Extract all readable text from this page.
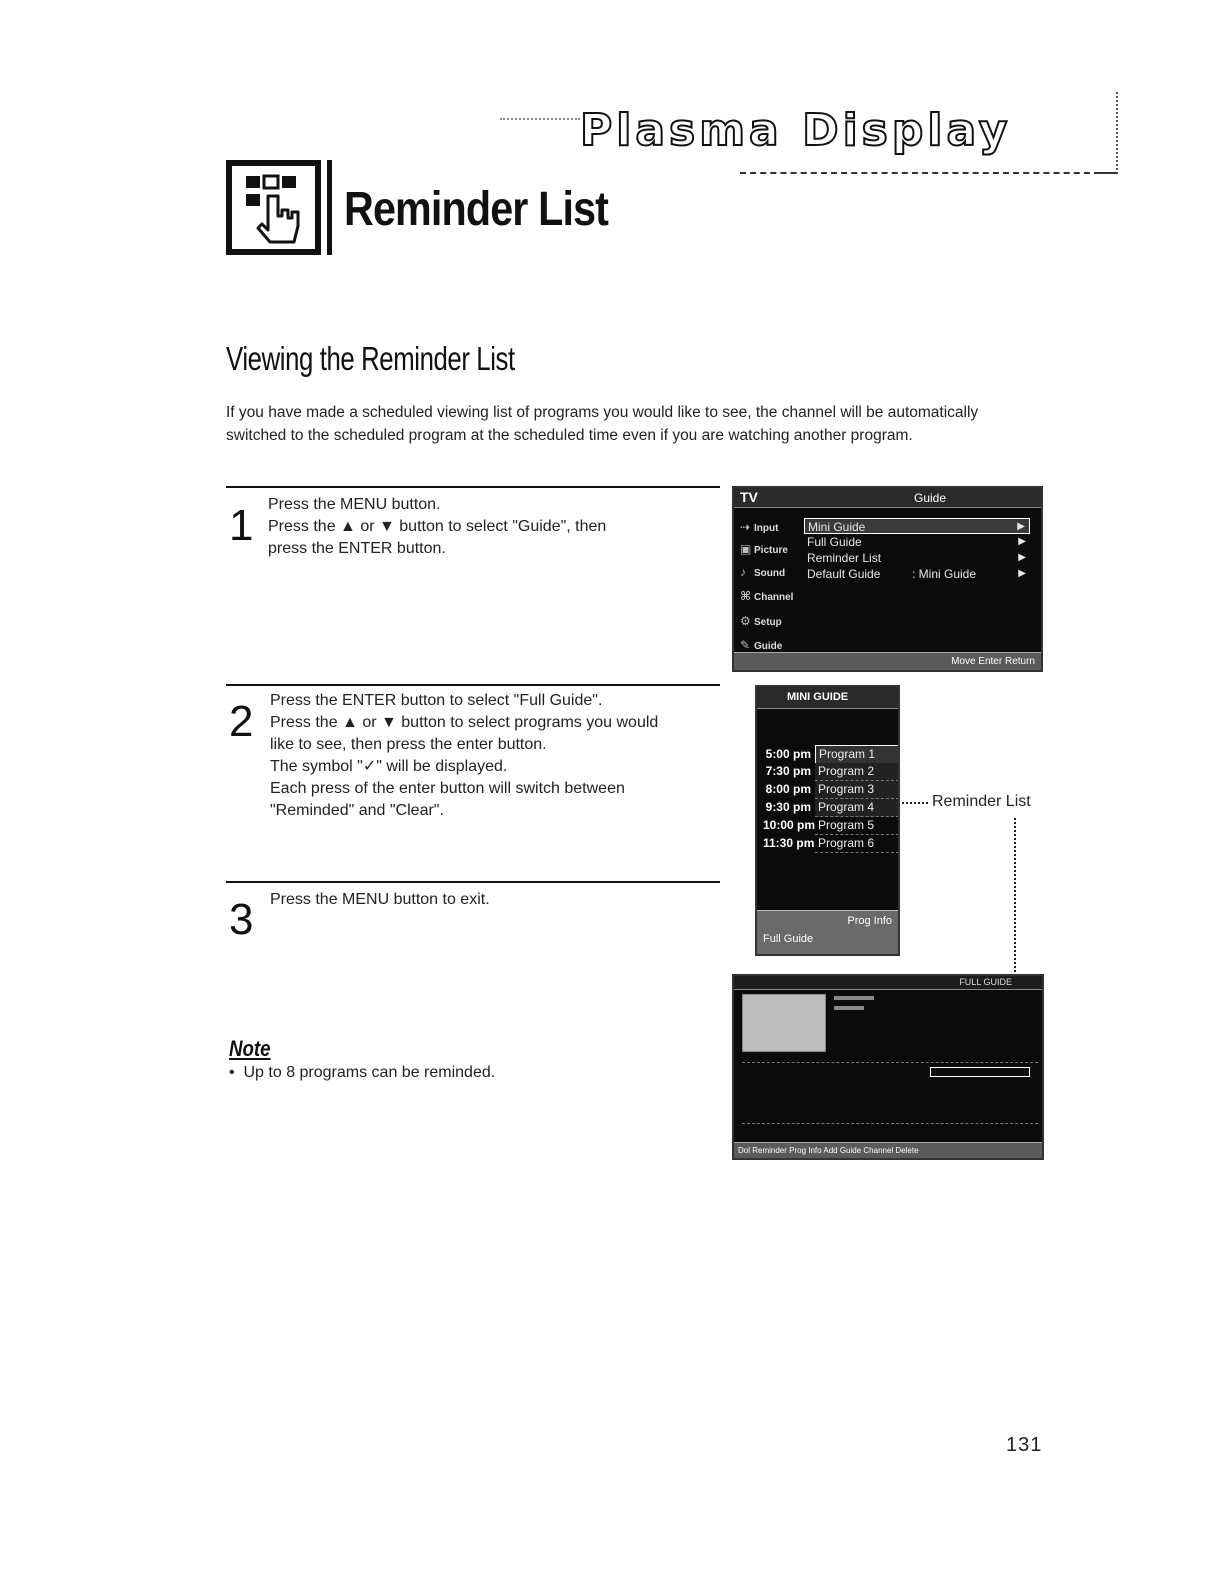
Plasma Display
Reminder List
Viewing the Reminder List
If you have made a scheduled viewing list of programs you would like to see, the channel will be automatically switched to the scheduled program at the scheduled time even if you are watching another program.
1 Press the MENU button.
Press the ▲ or ▼ button to select "Guide", then
press the ENTER button.
2 Press the ENTER button to select "Full Guide".
Press the ▲ or ▼ button to select programs you would
like to see, then press the enter button.
The symbol "✓" will be displayed.
Each press of the enter button will switch between
"Reminded" and "Clear".
3 Press the MENU button to exit.
TV	Guide
⇢ Input
▣ Picture
♪ Sound
⌘ Channel
⚙ Setup
✎ Guide
Mini Guide	▶
Full Guide	▶
Reminder List	▶
Default Guide	: Mini Guide	▶
Move Enter Return
MINI GUIDE
5:00 pm Program 1
7:30 pm Program 2
8:00 pm Program 3
9:30 pm Program 4
10:00 pm Program 5
11:30 pm Program 6
Prog Info
Full Guide
Reminder List
FULL GUIDE
Dol Reminder Prog Info Add Guide Channel Delete
Note
•  Up to 8 programs can be reminded.
131
